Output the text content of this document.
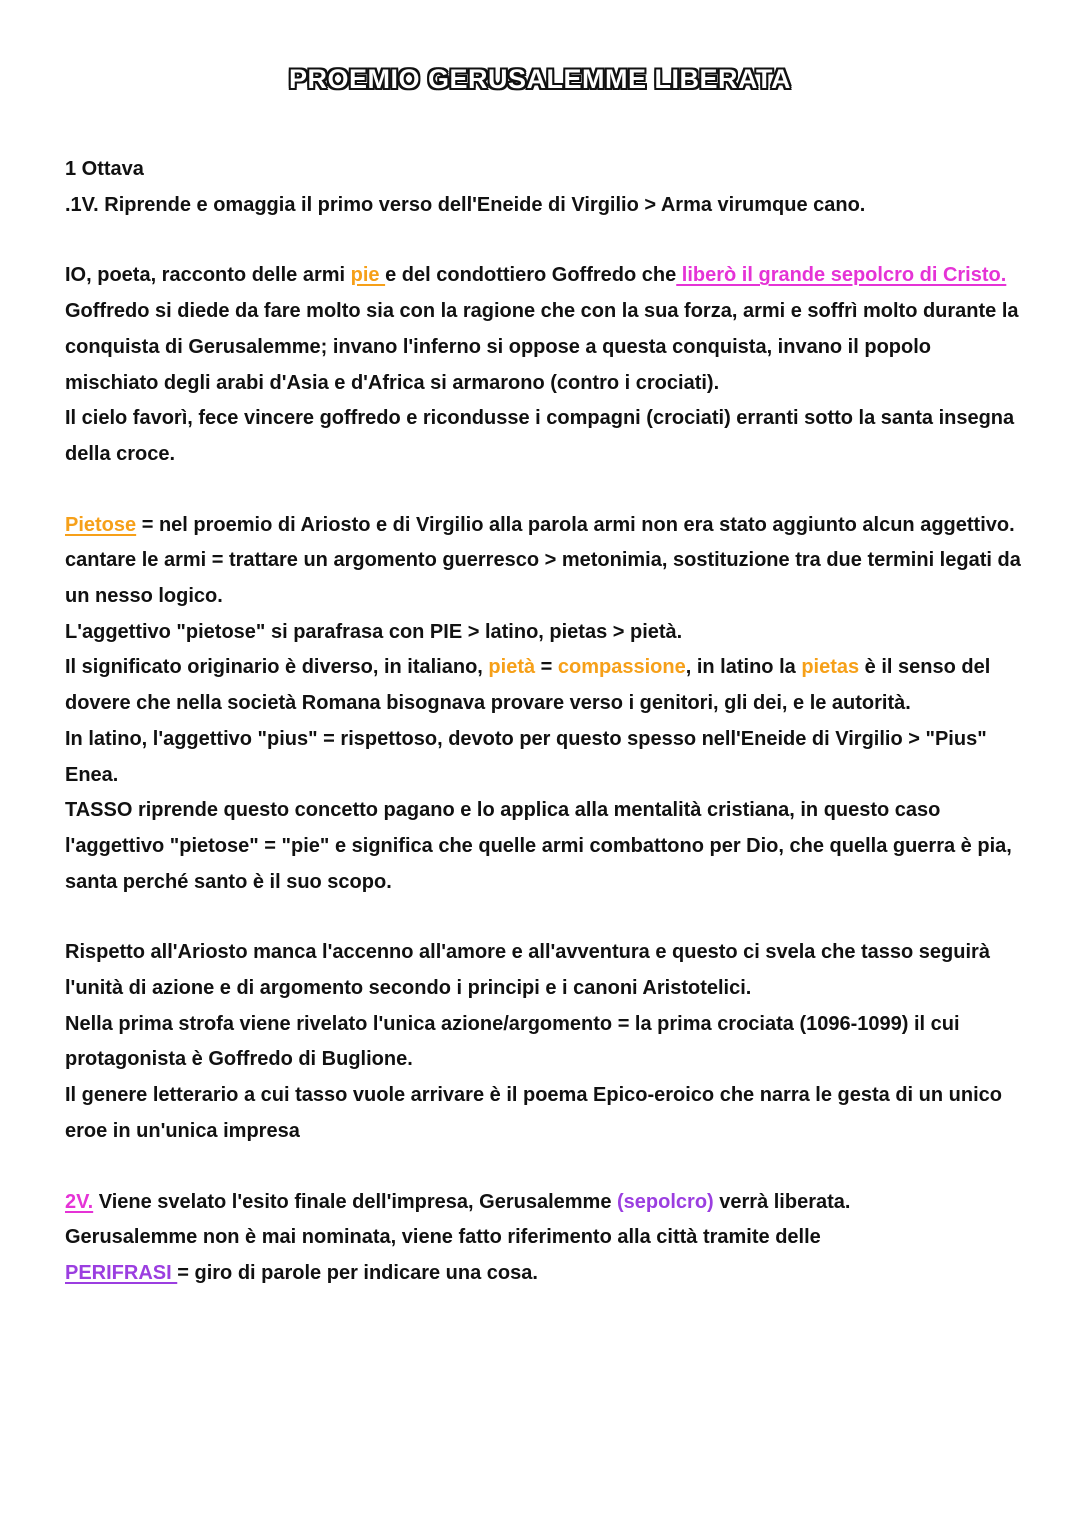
PROEMIO GERUSALEMME LIBERATA

1 Ottava

.1V. Riprende e omaggia il primo verso dell'Eneide di Virgilio > Arma virumque cano.

IO, poeta, racconto delle armi pie e del condottiero Goffredo che liberò il grande sepolcro di Cristo.

Goffredo si diede da fare molto sia con la ragione che con la sua forza, armi e soffrì molto durante la conquista di Gerusalemme; invano l'inferno si oppose a questa conquista, invano il popolo mischiato degli arabi d'Asia e d'Africa si armarono (contro i crociati).

Il cielo favorì, fece vincere goffredo e ricondusse i compagni (crociati) erranti sotto la santa insegna della croce.

Pietose = nel proemio di Ariosto e di Virgilio alla parola armi non era stato aggiunto alcun aggettivo.

cantare le armi = trattare un argomento guerresco > metonimia, sostituzione tra due termini legati da un nesso logico.

L'aggettivo "pietose" si parafrasa con PIE > latino, pietas > pietà.

Il significato originario è diverso, in italiano, pietà = compassione, in latino la pietas è il senso del dovere che nella società Romana bisognava provare verso i genitori, gli dei, e le autorità.

In latino, l'aggettivo "pius" = rispettoso, devoto per questo spesso nell'Eneide di Virgilio > "Pius" Enea.

TASSO riprende questo concetto pagano e lo applica alla mentalità cristiana, in questo caso l'aggettivo "pietose" = "pie" e significa che quelle armi combattono per Dio, che quella guerra è pia, santa perché santo è il suo scopo.

Rispetto all'Ariosto manca l'accenno all'amore e all'avventura e questo ci svela che tasso seguirà l'unità di azione e di argomento secondo i principi e i canoni Aristotelici.

Nella prima strofa viene rivelato l'unica azione/argomento = la prima crociata (1096-1099) il cui protagonista è Goffredo di Buglione.

Il genere letterario a cui tasso vuole arrivare è il poema Epico-eroico che narra le gesta di un unico eroe in un'unica impresa

2V. Viene svelato l'esito finale dell'impresa, Gerusalemme (sepolcro) verrà liberata.

Gerusalemme non è mai nominata, viene fatto riferimento alla città tramite delle

PERIFRASI = giro di parole per indicare una cosa.
